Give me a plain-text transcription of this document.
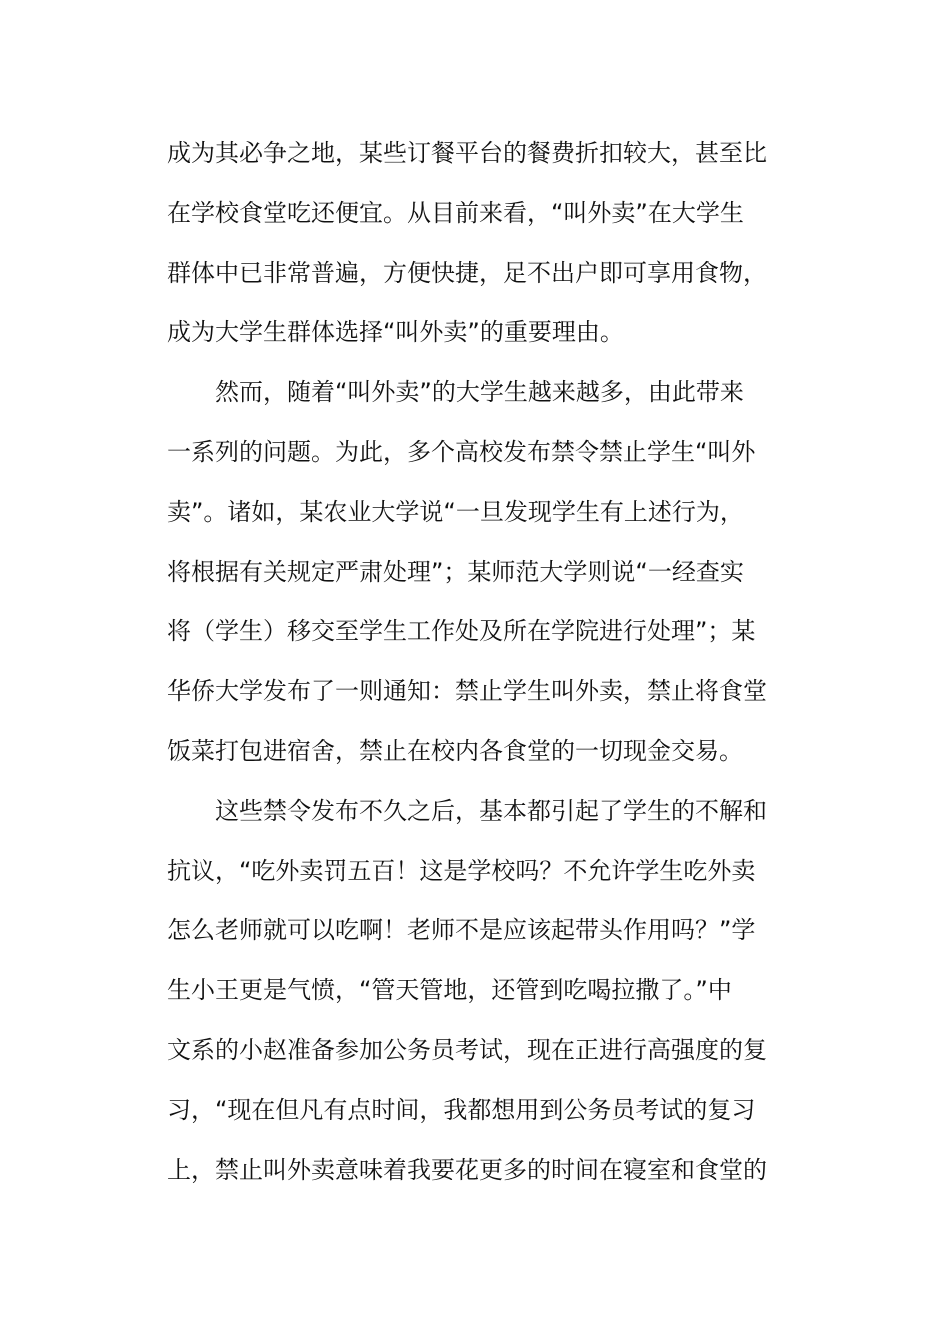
成为其必争之地，某些订餐平台的餐费折扣较大，甚至比
在学校食堂吃还便宜。从目前来看，“叫外卖”在大学生
群体中已非常普遍，方便快捷，足不出户即可享用食物，
成为大学生群体选择“叫外卖”的重要理由。
然而，随着“叫外卖”的大学生越来越多，由此带来
一系列的问题。为此，多个高校发布禁令禁止学生“叫外
卖”。诸如，某农业大学说“一旦发现学生有上述行为，
将根据有关规定严肃处理”；某师范大学则说“一经查实
将（学生）移交至学生工作处及所在学院进行处理”；某
华侨大学发布了一则通知：禁止学生叫外卖，禁止将食堂
饭菜打包进宿舍，禁止在校内各食堂的一切现金交易。
这些禁令发布不久之后，基本都引起了学生的不解和
抗议，“吃外卖罚五百！这是学校吗？不允许学生吃外卖
怎么老师就可以吃啊！老师不是应该起带头作用吗？”学
生小王更是气愤，“管天管地，还管到吃喝拉撒了。”中
文系的小赵准备参加公务员考试，现在正进行高强度的复
习，“现在但凡有点时间，我都想用到公务员考试的复习
上，禁止叫外卖意味着我要花更多的时间在寝室和食堂的
